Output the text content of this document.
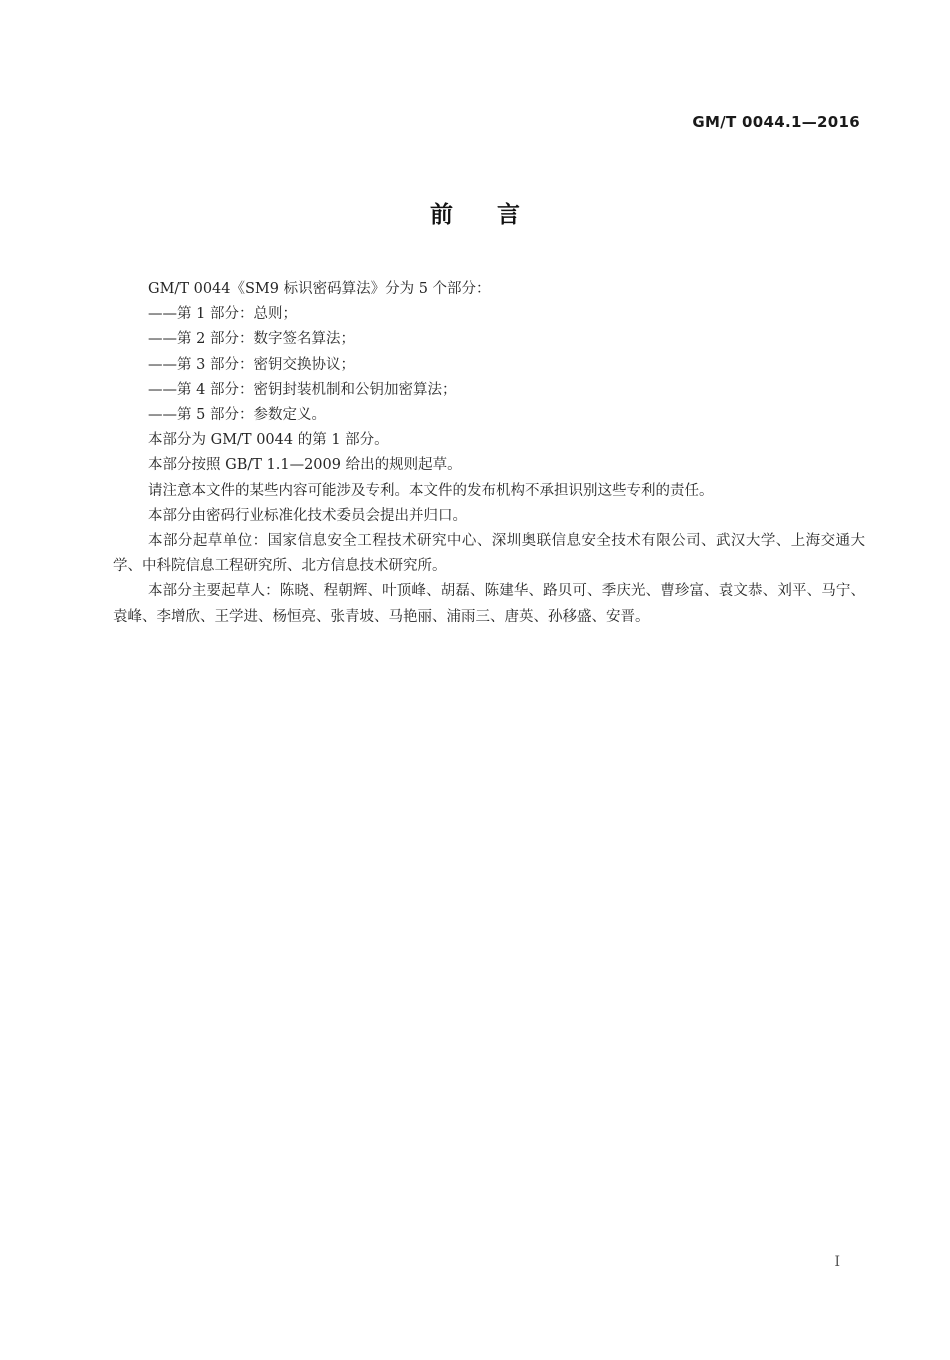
GM/T 0044.1—2016
前言

GM/T 0044《SM9 标识密码算法》分为 5 个部分：

——第 1 部分：总则；

——第 2 部分：数字签名算法；

——第 3 部分：密钥交换协议；

——第 4 部分：密钥封装机制和公钥加密算法；

——第 5 部分：参数定义。

本部分为 GM/T 0044 的第 1 部分。

本部分按照 GB/T 1.1—2009 给出的规则起草。

请注意本文件的某些内容可能涉及专利。本文件的发布机构不承担识别这些专利的责任。

本部分由密码行业标准化技术委员会提出并归口。

本部分起草单位：国家信息安全工程技术研究中心、深圳奥联信息安全技术有限公司、武汉大学、上海交通大学、中科院信息工程研究所、北方信息技术研究所。

本部分主要起草人：陈晓、程朝辉、叶顶峰、胡磊、陈建华、路贝可、季庆光、曹珍富、袁文恭、刘平、马宁、袁峰、李增欣、王学进、杨恒亮、张青坡、马艳丽、浦雨三、唐英、孙移盛、安晋。

I
